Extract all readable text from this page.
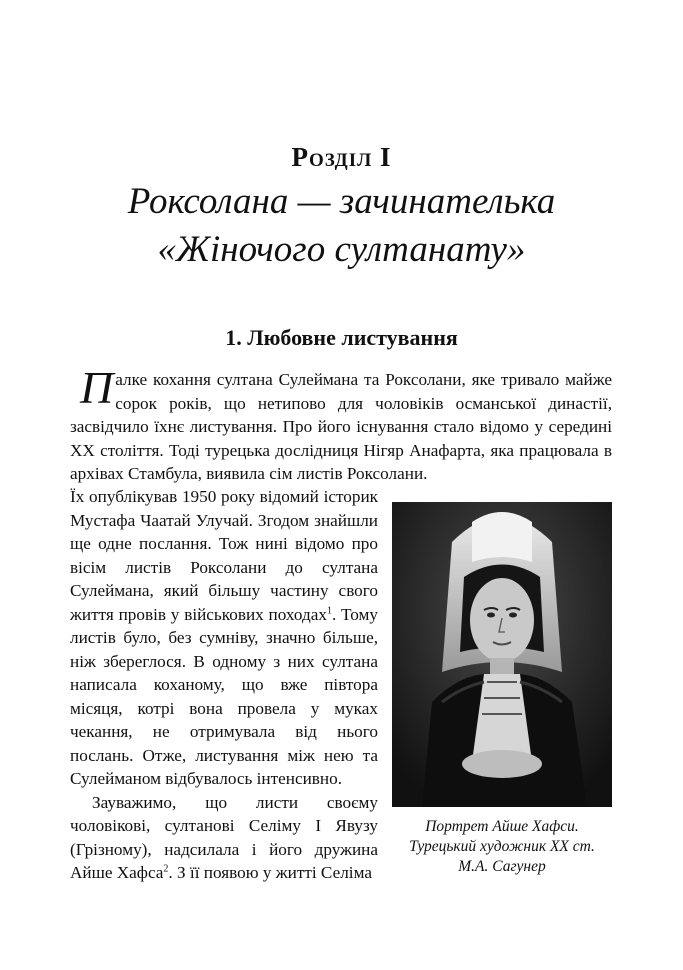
Розділ I
Роксолана — зачинателька
«Жіночого султанату»
1. Любовне листування
Палке кохання султана Сулеймана та Роксолани, яке тривало майже сорок років, що нетипово для чоловіків османської династії, засвідчило їхнє листування. Про його існування стало відомо у середині ХХ століття. Тоді турецька дослідниця Нігяр Анафарта, яка працювала в архівах Стамбула, виявила сім листів Роксолани.

Їх опублікував 1950 року відомий історик Мустафа Чаатай Улучай. Згодом знайшли ще одне послання. Тож нині відомо про вісім листів Роксолани до султана Сулеймана, який більшу частину свого життя провів у військових походах$^1$. Тому листів було, без сумніву, значно більше, ніж збереглося. В одному з них султана написала коханому, що вже півтора місяця, котрі вона провела у муках чекання, не отримувала від нього послань. Отже, листування між нею та Сулейманом відбувалось інтенсивно.

Зауважимо, що листи своєму чоловікові, султанові Селіму І Явузу (Грізному), надсилала і його дружина Айше Хафса$^2$. З її появою у житті Селіма

Портрет Айше Хафси.
Турецький художник ХХ ст.
М.А. Сагунер
